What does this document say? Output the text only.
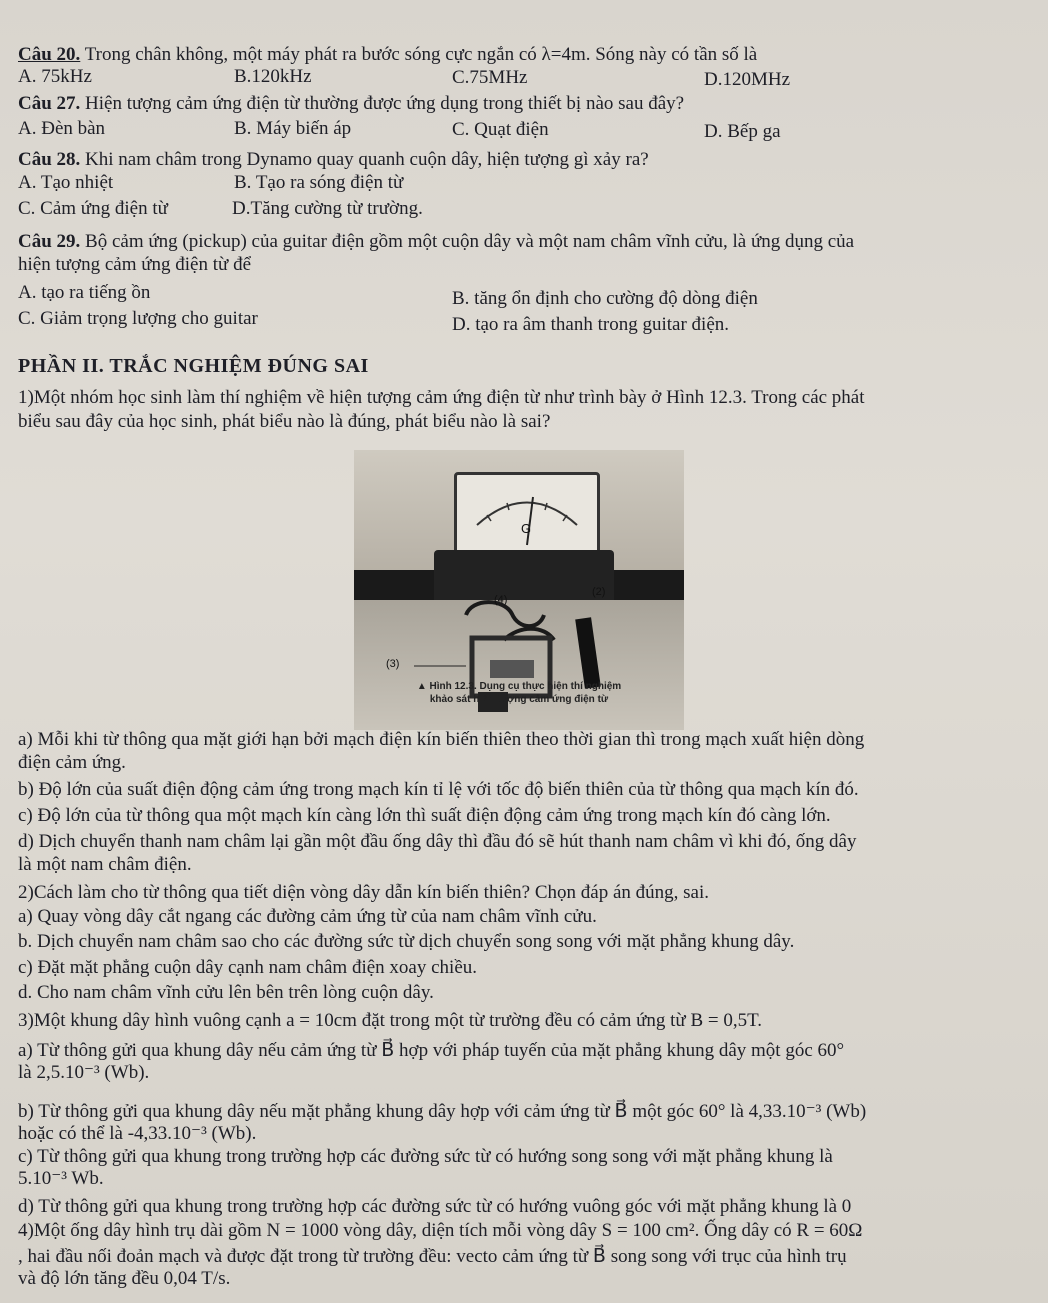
Câu 20. Trong chân không, một máy phát ra bước sóng cực ngắn có λ=4m. Sóng này có tần số là
A. 75kHz	B.120kHz	C.75MHz	D.120MHz
Câu 27. Hiện tượng cảm ứng điện từ thường được ứng dụng trong thiết bị nào sau đây?
A. Đèn bàn	B. Máy biến áp	C. Quạt điện	D. Bếp ga
Câu 28. Khi nam châm trong Dynamo quay quanh cuộn dây, hiện tượng gì xảy ra?
A. Tạo nhiệt	B. Tạo ra sóng điện từ
C. Cảm ứng điện từ	D.Tăng cường từ trường.
Câu 29. Bộ cảm ứng (pickup) của guitar điện gồm một cuộn dây và một nam châm vĩnh cửu, là ứng dụng của
hiện tượng cảm ứng điện từ để
A. tạo ra tiếng ồn	B. tăng ổn định cho cường độ dòng điện
C. Giảm trọng lượng cho guitar	D. tạo ra âm thanh trong guitar điện.
PHẦN II. TRẮC NGHIỆM ĐÚNG SAI
1)Một nhóm học sinh làm thí nghiệm về hiện tượng cảm ứng điện từ như trình bày ở Hình 12.3. Trong các phát
biểu sau đây của học sinh, phát biểu nào là đúng, phát biểu nào là sai?
G
(2)
(4)
(3)
▲ Hình 12.3. Dụng cụ thực hiện thí nghiệm
khảo sát hiện tượng cảm ứng điện từ
a) Mỗi khi từ thông qua mặt giới hạn bởi mạch điện kín biến thiên theo thời gian thì trong mạch xuất hiện dòng
điện cảm ứng.
b) Độ lớn của suất điện động cảm ứng trong mạch kín tỉ lệ với tốc độ biến thiên của từ thông qua mạch kín đó.
c) Độ lớn của từ thông qua một mạch kín càng lớn thì suất điện động cảm ứng trong mạch kín đó càng lớn.
d) Dịch chuyển thanh nam châm lại gần một đầu ống dây thì đầu đó sẽ hút thanh nam châm vì khi đó, ống dây
là một nam châm điện.
2)Cách làm cho từ thông qua tiết diện vòng dây dẫn kín biến thiên? Chọn đáp án đúng, sai.
a) Quay vòng dây cắt ngang các đường cảm ứng từ của nam châm vĩnh cửu.
b. Dịch chuyển nam châm sao cho các đường sức từ dịch chuyển song song với mặt phẳng khung dây.
c) Đặt mặt phẳng cuộn dây cạnh nam châm điện xoay chiều.
d. Cho nam châm vĩnh cửu lên bên trên lòng cuộn dây.
3)Một khung dây hình vuông cạnh a = 10cm đặt trong một từ trường đều có cảm ứng từ B = 0,5T.
a) Từ thông gửi qua khung dây nếu cảm ứng từ B⃗ hợp với pháp tuyến của mặt phẳng khung dây một góc 60°
là 2,5.10⁻³ (Wb).
b) Từ thông gửi qua khung dây nếu mặt phẳng khung dây hợp với cảm ứng từ B⃗ một góc 60° là 4,33.10⁻³ (Wb)
hoặc có thể là -4,33.10⁻³ (Wb).
c) Từ thông gửi qua khung trong trường hợp các đường sức từ có hướng song song với mặt phẳng khung là
5.10⁻³ Wb.
d) Từ thông gửi qua khung trong trường hợp các đường sức từ có hướng vuông góc với mặt phẳng khung là 0
4)Một ống dây hình trụ dài gồm N = 1000 vòng dây, diện tích mỗi vòng dây S = 100 cm². Ống dây có R = 60Ω
, hai đầu nối đoản mạch và được đặt trong từ trường đều: vecto cảm ứng từ B⃗ song song với trục của hình trụ
và độ lớn tăng đều 0,04 T/s.
